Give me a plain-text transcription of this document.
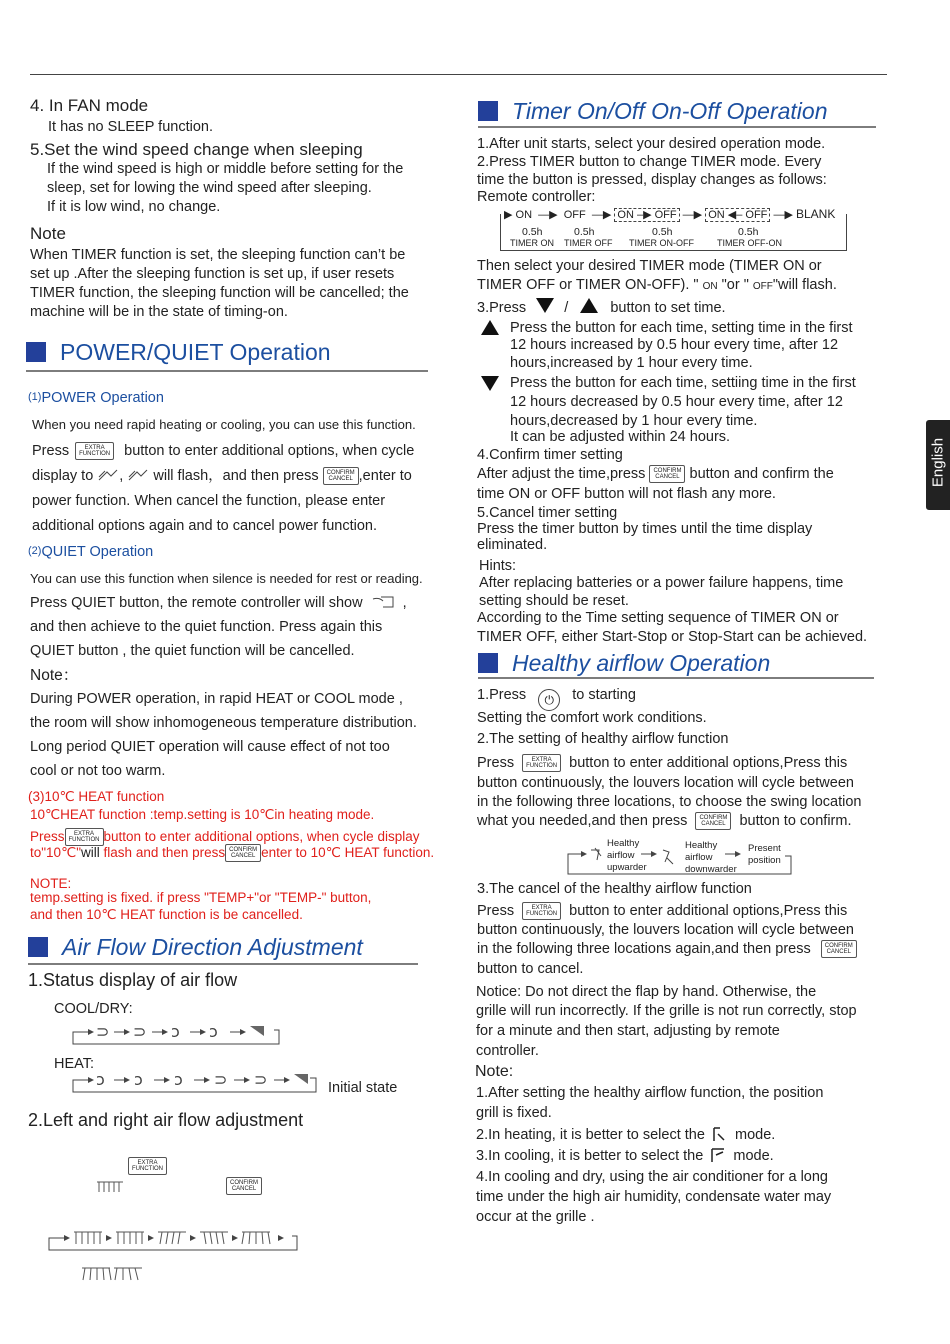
English
4. In FAN mode
It has no SLEEP function.
5.Set the wind speed change when sleeping
If the wind speed is high or middle before setting for the
sleep, set for lowing the wind speed after sleeping.
If it is low wind, no change.
Note
When TIMER function is set, the sleeping function can’t be
set up .After the sleeping function is set up, if user resets
TIMER function, the sleeping function will be cancelled; the
machine will be in the state of timing-on.
POWER/QUIET Operation
(1)POWER Operation
When you need rapid heating or cooling, you can use this function.
Press	EXTRA
FUNCTION button to enter additional options, when cycle
display to ,  will flash，and then press CONFIRM
CANCEL ,enter to
power function. When cancel the function, please enter
additional options again and to cancel power function.
(2)QUIET Operation
You can use this function when silence is needed for rest or reading.
Press QUIET button, the remote controller will show  ,
and then achieve to the quiet function. Press again this
QUIET button , the quiet function will be cancelled.
Note：
During POWER operation, in rapid HEAT or COOL mode ,
the room will show inhomogeneous temperature distribution.
Long period QUIET operation will cause effect of not too
cool or not too warm.
(3)10℃ HEAT function
10℃HEAT function :temp.setting is 10℃in heating mode.
Press EXTRA
FUNCTION button to enter additional options, when cycle display
to"10℃"will flash and then press CONFIRM
CANCEL enter to 10℃ HEAT function.
NOTE:
temp.setting is fixed. if press "TEMP+"or "TEMP-" button,
and then 10℃ HEAT function is be cancelled.
Air Flow Direction Adjustment
1.Status display of air flow
COOL/DRY:
⊃ ⊃ ɔ ɔ
HEAT:
ɔ ɔ ɔ ⊃ ⊃	Initial state
2.Left and right air flow adjustment
EXTRA
FUNCTION
CONFIRM
CANCEL
Timer On/Off On-Off Operation
1.After unit starts, select your desired operation mode.
2.Press TIMER button to change TIMER mode. Every
time the button is pressed, display changes as follows:
Remote controller:
▶ ON —▶ OFF —▶ ON –▶ OFF —▶ ON ◀– OFF —▶ BLANK
0.5h	0.5h	0.5h	0.5h
TIMER ON TIMER OFF TIMER ON-OFF	TIMER OFF-ON
Then select your desired TIMER mode (TIMER ON or
TIMER OFF or TIMER ON-OFF). " ON "or " OFF"will flash.
3.Press	/	button to set time.
Press the button for each time, setting time in the first
12 hours increased by 0.5 hour every time, after 12
hours,increased by 1 hour every time.
Press the button for each time, settiing time in the first
12 hours decreased by 0.5 hour every time, after 12
hours,decreased by 1 hour every time.
It can be adjusted within 24 hours.
4.Confirm timer setting
After adjust the time,press CONFIRM
CANCEL button and confirm the
time ON or OFF button will not flash any more.
5.Cancel timer setting
Press the timer button by times until the time display
eliminated.
Hints:
After replacing batteries or a power failure happens, time
setting should be reset.
According to the Time setting sequence of TIMER ON or
TIMER OFF, either Start-Stop or Stop-Start can be achieved.
Healthy airflow Operation
1.Press ⏻ to starting
Setting the comfort work conditions.
2.The setting of healthy airflow function
Press	EXTRA
FUNCTION button to enter additional options,Press this
button continuously, the louvers location will cycle between
in the following three locations, to choose the swing location
what you needed,and then press CONFIRM
CANCEL button to confirm.
Healthy
airflow
upwarder
Healthy
airflow
downwarder
Present
position
3.The cancel of the healthy airflow function
Press	EXTRA
FUNCTION button to enter additional options,Press this
button continuously, the louvers location will cycle between
in the following three locations again,and then press CONFIRM
CANCEL
button to cancel.
Notice: Do not direct the flap by hand. Otherwise, the
grille will run incorrectly. If the grille is not run correctly, stop
for a minute and then start, adjusting by remote
controller.
Note:
1.After setting the healthy airflow function, the position
grill is fixed.
2.In heating, it is better to select the mode.
3.In cooling, it is better to select the mode.
4.In cooling and dry, using the air conditioner for a long
time under the high air humidity, condensate water may
occur at the grille .
